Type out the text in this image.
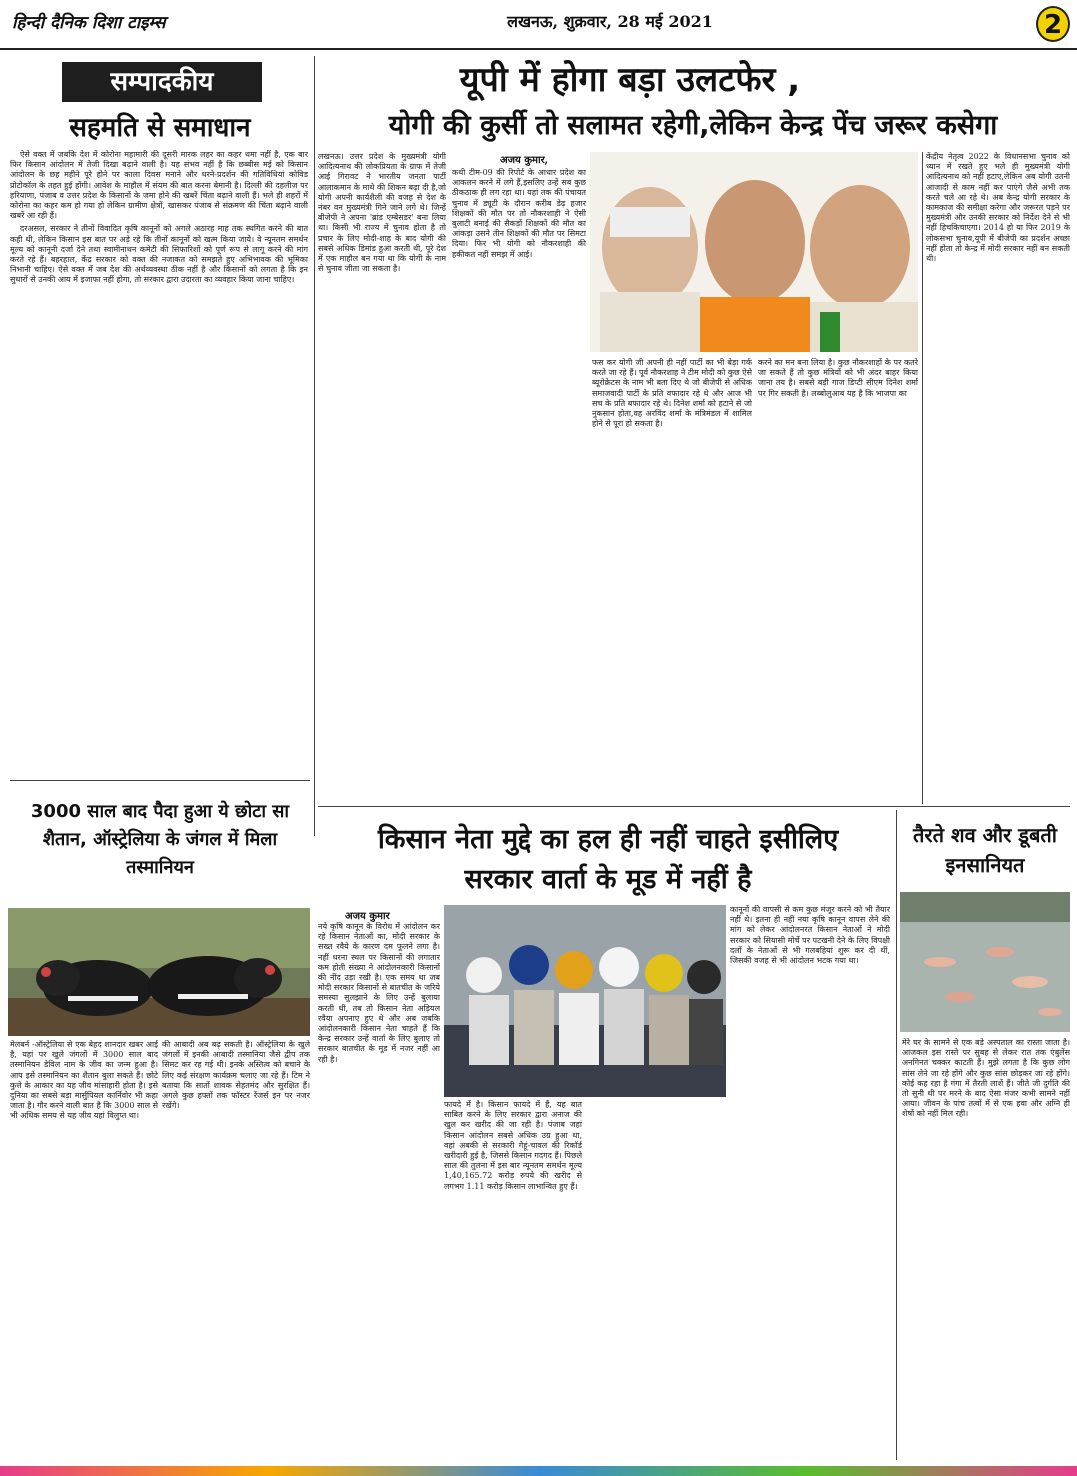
हिन्दी दैनिक दिशा टाइम्स	लखनऊ, शुक्रवार, 28 मई 2021	2
सम्पादकीय
सहमति से समाधान

ऐसे वक्त में जबकि देश में कोरोना महामारी की दूसरी मारक लहर का कहर थमा नहीं है, एक बार फिर किसान आंदोलन में तेजी दिखा बढ़ाने वाली है। यह संभव नहीं है कि छब्बीस मई को किसान आंदोलन के छह महीने पूरे होने पर काला दिवस मनाने और धरने-प्रदर्शन की गतिविधियां कोविड प्रोटोकॉल के तहत हुई होंगी। आवेश के माहौल में संयम की बात करना बेमानी है। दिल्ली की दहलीज पर हरियाणा, पंजाब व उत्तर प्रदेश के किसानों के जमा होने की खबरें चिंता बढ़ाने वाली हैं। भले ही शहरों में कोरोना का कहर कम हो गया हो लेकिन ग्रामीण क्षेत्रों, खासकर पंजाब से संक्रमण की चिंता बढ़ाने वाली खबरें आ रही हैं।

दरअसल, सरकार ने तीनों विवादित कृषि कानूनों को अगले अठारह माह तक स्थगित करने की बात कही थी, लेकिन किसान इस बात पर अड़े रहे कि तीनों कानूनों को खत्म किया जाये। वे न्यूनतम समर्थन मूल्य को कानूनी दर्जा देने तथा स्वामीनाथन कमेटी की सिफारिशों को पूर्ण रूप से लागू करने की मांग करते रहे हैं। बहरहाल, केंद्र सरकार को वक्त की नजाकत को समझते हुए अभिभावक की भूमिका निभानी चाहिए। ऐसे वक्त में जब देश की अर्थव्यवस्था ठीक नहीं है और किसानों को लगता है कि इन सुधारों से उनकी आय में इजाफा नहीं होगा, तो सरकार द्वारा उदारता का व्यवहार किया जाना चाहिए।

3000 साल बाद पैदा हुआ ये छोटा सा शैतान, ऑस्ट्रेलिया के जंगल में मिला तस्मानियन
मेलबर्न -ऑस्ट्रेलिया से एक बेहद शानदार खबर आई है, यहां पर खुले जंगलों में 3000 साल बाद तस्मानियन डेविल नाम के जीव का जन्म हुआ है। आप इसे तस्मानियन का शैतान बुला सकते हैं। छोटे कुत्ते के आकार का यह जीव मांसाहारी होता है। इसे दुनिया का सबसे बड़ा मार्सुपियल कार्निवोर भी कहा जाता है। गौर करने वाली बात है कि 3000 साल से भी अधिक समय से यह जीव यहां विलुप्त था।
की आबादी अब बढ़ सकती है। ऑस्ट्रेलिया के खुले जंगलों में इनकी आबादी तस्मानिया जैसे द्वीप तक सिमट कर रह गई थी। इनके अस्तित्व को बचाने के लिए कई संरक्षण कार्यक्रम चलाए जा रहे हैं। टिम ने बताया कि सातों शावक सेहतमंद और सुरक्षित हैं। अगले कुछ हफ्तों तक फॉस्टर रेंजर्स इन पर नजर रखेंगे।
यूपी में होगा बड़ा उलटफेर ,
योगी की कुर्सी तो सलामत रहेगी,लेकिन केन्द्र पेंच जरूर कसेगा
लखनऊ। उत्तर प्रदेश के मुख्यमंत्री योगी आदित्यनाथ की लोकप्रियता के ग्राफ में तेजी आई गिरावट ने भारतीय जनता पार्टी आलाकमान के माथे की शिकन बढ़ा दी है,जो योगी अपनी कार्यशैली की वजह से देश के नंबर वन मुख्यमंत्री गिने जाने लगे थे। जिन्हें बीजेपी ने अपना 'ब्रांड एम्बेसडर' बना लिया था। किसी भी राज्य में चुनाव होता है तो प्रचार के लिए मोदी-शाह के बाद योगी की सबसे अधिक डिमांड हुआ करती थी, पूरे देश में एक माहौल बन गया था कि योगी के नाम से चुनाव जीता जा सकता है।
अजय कुमार,
कथी टीम-09 की रिपोर्ट के आधार प्रदेश का आकलन करने में लगे हैं,इसलिए उन्हें सब कुछ ठीकठाक ही लग रहा था। यहां तक की पंचायत चुनाव में ड्यूटी के दौरान करीब डेढ़ हजार शिक्षकों की मौत पर तो नौकरशाही ने ऐसी बुलाटी बनाई की सैकड़ों शिक्षकों की मौत का आंकड़ा उसने तीन शिक्षकों की मौत पर सिमटा दिया। फिर भी योगी को नौकरशाही की हकीकत नहीं समझ में आई।
फस कर योगी जी अपनी ही नहीं पार्टी का भी बेड़ा गर्क करते जा रहे हैं। पूर्व नौकरशाह ने टीम मोदी को कुछ ऐसे ब्यूरोक्रेटस के नाम भी बता दिए थे जो बीजेपी से अधिक समाजवादी पार्टी के प्रति वफादार रहे थे और आज भी सच के प्रति बफादार रहे थे। दिनेश शर्मा को हटाने से जो नुकसान होता,वह अरविंद शर्मा के मंत्रिमंडल में शामिल होने से पूरा हो सकता है।
करने का मन बना लिया है। कुछ नौकरशाहों के पर कतरे जा सकते हैं तो कुछ मंत्रियों को भी अंदर बाहर किया जाना तय है। सबसे बड़ी गाज डिप्टी सीएम दिनेश शर्मा पर गिर सकती है। लब्बोलुआब यह है कि भाजपा का
केंद्रीय नेतृत्व 2022 के विधानसभा चुनाव को ध्यान में रखते हुए भले ही मुख्यमंत्री योगी आदित्यनाथ को नहीं हटाए,लेकिन अब योगी उतनी आजादी से काम नहीं कर पाएंगे जैसे अभी तक करते चले आ रहे थे। अब केन्द्र योगी सरकार के कामकाज की समीक्षा करेगा और जरूरत पड़ने पर मुख्यमंत्री और उनकी सरकार को निर्देश देने से भी नहीं हिचकिचाएगा। 2014 हो या फिर 2019 के लोकसभा चुनाव,यूपी में बीजेपी का प्रदर्शन अच्छा नहीं होता तो केन्द्र में मोदी सरकार नहीं बन सकती थी।
किसान नेता मुद्दे का हल ही नहीं चाहते इसीलिए
सरकार वार्ता के मूड में नहीं है
अजय कुमार
नये कृषि कानून के विरोध में आंदोलन कर रहे किसान नेताओं का, मोदी सरकार के सख्त रवैये के कारण दम फूलने लगा है। नहीं धरना स्थल पर किसानों की लगातार कम होती संख्या ने आंदोलनकारी किसानों की नींद उड़ा रखी है। एक समय था जब मोदी सरकार किसानों से बातचीत के जरिये समस्या सुलझाने के लिए उन्हें बुलाया करती थी, तब तो किसान नेता अड़ियल रवैया अपनाए हुए थे और अब जबकि आंदोलनकारी किसान नेता चाहते हैं कि केन्द्र सरकार उन्हें वार्ता के लिए बुलाए तो सरकार बातचीत के मूड में नजर नहीं आ रही है।
फायदे में है। किसान फायदे में हैं, यह बात साबित करने के लिए सरकार द्वारा अनाज की खुल कर खरीद की जा रही है। पंजाब जहां किसान आंदोलन सबसे अधिक उग्र हुआ था, वहां अबकी से सरकारी गेहूं-चावल की रिकॉर्ड खरीदारी हुई है, जिससे किसान गदगद हैं। पिछले साल की तुलना में इस बार न्यूनतम समर्थन मूल्य 1,40,165.72 करोड़ रुपये की खरीद से लगभग 1.11 करोड़ किसान लाभान्वित हुए हैं।
कानूनों की वापसी से कम कुछ मंजूर करने को भी तैयार नहीं थे। इतना ही नहीं नया कृषि कानून वापस लेने की मांग को लेकर आंदोलनरत किसान नेताओं ने मोदी सरकार को सियासी मोर्चे पर पटखनी देने के लिए विपक्षी दलों के नेताओं से भी गलबहियां शुरू कर दी थीं, जिसकी वजह से भी आंदोलन भटक गया था।
तैरते शव और डूबती
इनसानियत
मेरे घर के सामने से एक बड़े अस्पताल का रास्ता जाता है। आजकल इस रास्ते पर सुबह से लेकर रात तक एंबुलेंस अनगिनत चक्कर काटती हैं। मुझे लगता है कि कुछ लोग सांस लेने जा रहे होंगे और कुछ सांस छोड़कर जा रहे होंगे। कोई कह रहा है गंगा में तैरती लाशें हैं। जीते जी दुर्गति की तो सुनी थी पर मरने के बाद ऐसा मंजर कभी सामने नहीं आया। जीवन के पांच तत्वों में से एक हवा और अग्नि ही शेषों को नहीं मिल रही।
